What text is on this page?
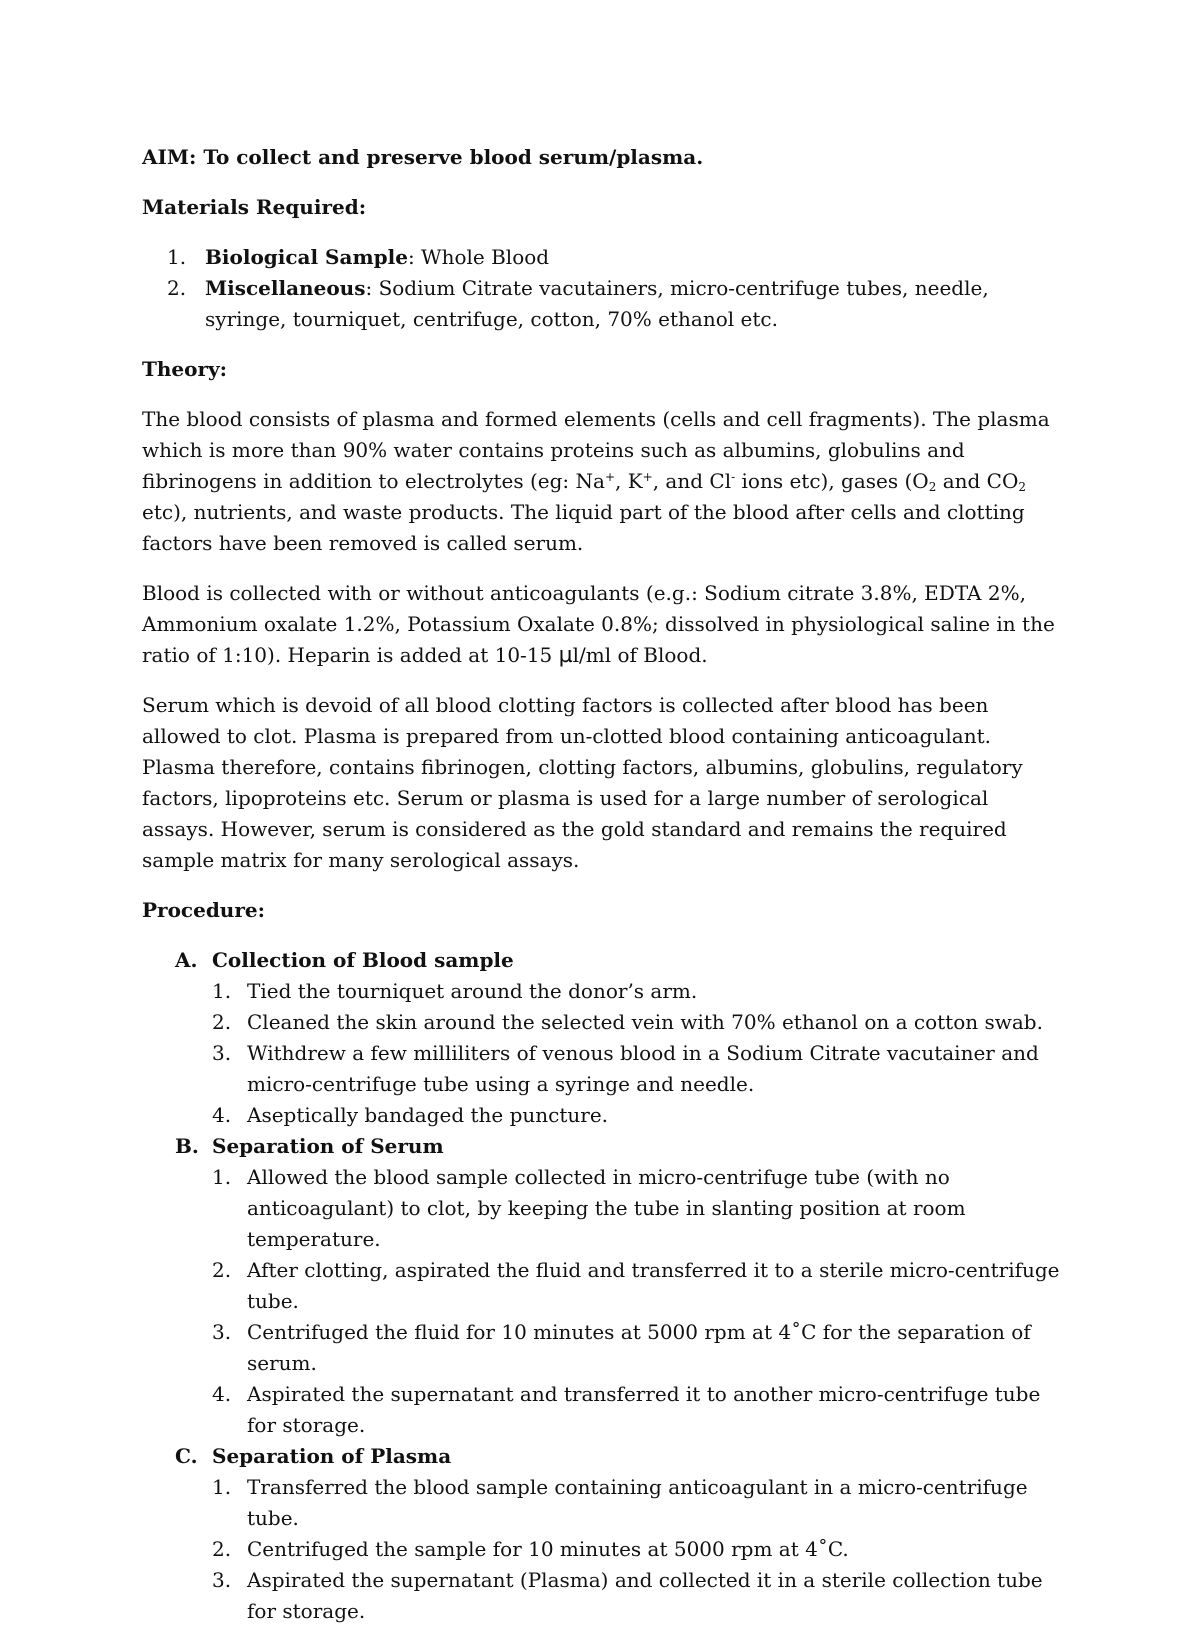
AIM: To collect and preserve blood serum/plasma.

Materials Required:

1. Biological Sample: Whole Blood
2. Miscellaneous: Sodium Citrate vacutainers, micro-centrifuge tubes, needle, syringe, tourniquet, centrifuge, cotton, 70% ethanol etc.

Theory:

The blood consists of plasma and formed elements (cells and cell fragments). The plasma which is more than 90% water contains proteins such as albumins, globulins and fibrinogens in addition to electrolytes (eg: Na+, K+, and Cl- ions etc), gases ($O_2$ and $CO_2$ etc), nutrients, and waste products. The liquid part of the blood after cells and clotting factors have been removed is called serum.

Blood is collected with or without anticoagulants (e.g.: Sodium citrate 3.8%, EDTA 2%, Ammonium oxalate 1.2%, Potassium Oxalate 0.8%; dissolved in physiological saline in the ratio of 1:10). Heparin is added at 10-15 µl/ml of Blood.

Serum which is devoid of all blood clotting factors is collected after blood has been allowed to clot. Plasma is prepared from un-clotted blood containing anticoagulant. Plasma therefore, contains fibrinogen, clotting factors, albumins, globulins, regulatory factors, lipoproteins etc. Serum or plasma is used for a large number of serological assays. However, serum is considered as the gold standard and remains the required sample matrix for many serological assays.

Procedure:

A. Collection of Blood sample

1. Tied the tourniquet around the donor’s arm.
2. Cleaned the skin around the selected vein with 70% ethanol on a cotton swab.
3. Withdrew a few milliliters of venous blood in a Sodium Citrate vacutainer and micro-centrifuge tube using a syringe and needle.
4. Aseptically bandaged the puncture.
B. Separation of Serum

1. Allowed the blood sample collected in micro-centrifuge tube (with no anticoagulant) to clot, by keeping the tube in slanting position at room temperature.
2. After clotting, aspirated the fluid and transferred it to a sterile micro-centrifuge tube.
3. Centrifuged the fluid for 10 minutes at 5000 rpm at 4˚C for the separation of serum.
4. Aspirated the supernatant and transferred it to another micro-centrifuge tube for storage.
C. Separation of Plasma

1. Transferred the blood sample containing anticoagulant in a micro-centrifuge tube.
2. Centrifuged the sample for 10 minutes at 5000 rpm at 4˚C.
3. Aspirated the supernatant (Plasma) and collected it in a sterile collection tube for storage.
